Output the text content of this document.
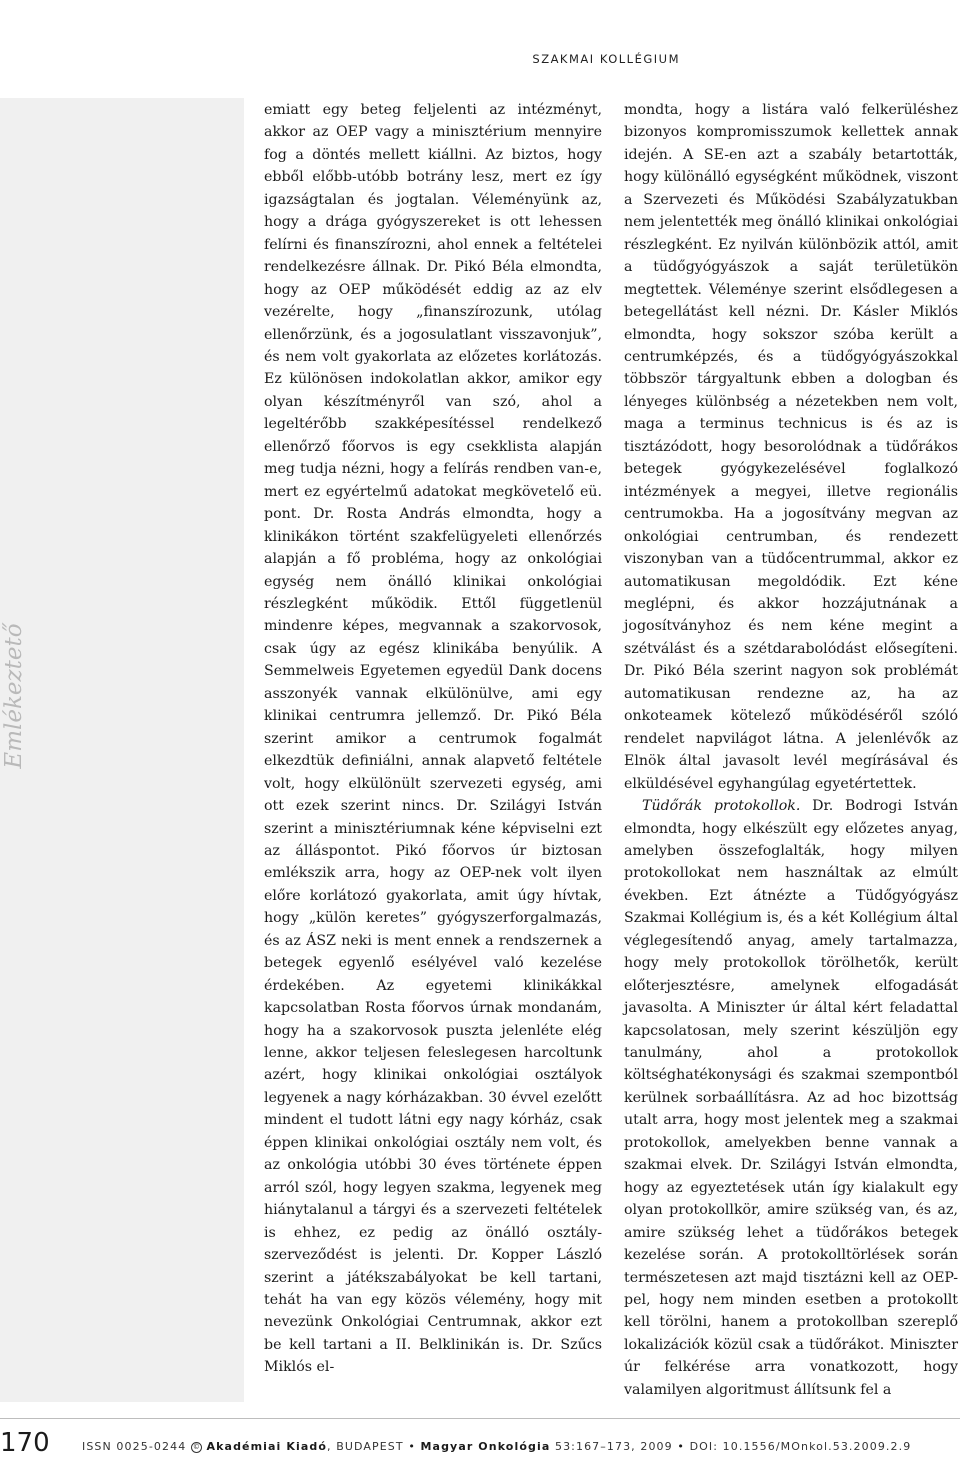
SZAKMAI KOLLÉGIUM
Emlékeztető

emiatt egy beteg feljelenti az intézményt, akkor az OEP vagy a minisztérium mennyire fog a döntés mellett kiállni. Az biztos, hogy ebből előbb-utóbb botrány lesz, mert ez így igazságtalan és jogtalan. Véleményünk az, hogy a drága gyógyszereket is ott lehessen felírni és finanszírozni, ahol ennek a feltételei rendelkezésre állnak. Dr. Pikó Béla elmondta, hogy az OEP működését eddig az az elv vezérelte, hogy „finanszírozunk, utólag ellenőrzünk, és a jogosulatlant visszavonjuk”, és nem volt gyakorlata az előzetes korlátozás. Ez különösen indokolatlan akkor, amikor egy olyan készítményről van szó, ahol a legeltérőbb szakképesítéssel rendelkező ellenőrző főorvos is egy csekklista alapján meg tudja nézni, hogy a felírás rendben van-e, mert ez egyértelmű adatokat megkövetelő eü. pont. Dr. Rosta András elmondta, hogy a klinikákon történt szakfelügyeleti ellenőrzés alapján a fő probléma, hogy az onkológiai egység nem önálló klinikai onkológiai részlegként működik. Ettől függetlenül mindenre képes, megvannak a szakorvosok, csak úgy az egész klinikába benyúlik. A Semmelweis Egyetemen egyedül Dank docens asszonyék vannak elkülönülve, ami egy klinikai centrumra jellemző. Dr. Pikó Béla szerint amikor a centrumok fogalmát elkezdtük definiálni, annak alapvető feltétele volt, hogy elkülönült szervezeti egység, ami ott ezek szerint nincs. Dr. Szilágyi István szerint a minisztériumnak kéne képviselni ezt az álláspontot. Pikó főorvos úr biztosan emlékszik arra, hogy az OEP-nek volt ilyen előre korlátozó gyakorlata, amit úgy hívtak, hogy „külön keretes” gyógyszerforgalmazás, és az ÁSZ neki is ment ennek a rendszernek a betegek egyenlő esélyével való kezelése érdekében. Az egyetemi klinikákkal kapcsolatban Rosta főorvos úrnak mondanám, hogy ha a szakorvosok puszta jelenléte elég lenne, akkor teljesen feleslegesen harcoltunk azért, hogy klinikai onkológiai osztályok legyenek a nagy kórházakban. 30 évvel ezelőtt mindent el tudott látni egy nagy kórház, csak éppen klinikai onkológiai osztály nem volt, és az onkológia utóbbi 30 éves története éppen arról szól, hogy legyen szakma, legyenek meg hiánytalanul a tárgyi és a szervezeti feltételek is ehhez, ez pedig az önálló osztály-szerveződést is jelenti. Dr. Kopper László szerint a játékszabályokat be kell tartani, tehát ha van egy közös vélemény, hogy mit nevezünk Onkológiai Centrumnak, akkor ezt be kell tartani a II. Belklinikán is. Dr. Szűcs Miklós el-

mondta, hogy a listára való felkerüléshez bizonyos kompromisszumok kellettek annak idején. A SE-en azt a szabály betartották, hogy különálló egységként működnek, viszont a Szervezeti és Működési Szabályzatukban nem jelentették meg önálló klinikai onkológiai részlegként. Ez nyilván különbözik attól, amit a tüdőgyógyászok a saját területükön megtettek. Véleménye szerint elsődlegesen a betegellátást kell nézni. Dr. Kásler Miklós elmondta, hogy sokszor szóba került a centrumképzés, és a tüdőgyógyászokkal többször tárgyaltunk ebben a dologban és lényeges különbség a nézetekben nem volt, maga a terminus technicus is és az is tisztázódott, hogy besorolódnak a tüdőrákos betegek gyógykezelésével foglalkozó intézmények a megyei, illetve regionális centrumokba. Ha a jogosítvány megvan az onkológiai centrumban, és rendezett viszonyban van a tüdőcentrummal, akkor ez automatikusan megoldódik. Ezt kéne meglépni, és akkor hozzájutnának a jogosítványhoz és nem kéne megint a szétválást és a szétdarabolódást elősegíteni. Dr. Pikó Béla szerint nagyon sok problémát automatikusan rendezne az, ha az onkoteamek kötelező működéséről szóló rendelet napvilágot látna. A jelenlévők az Elnök által javasolt levél megírásával és elküldésével egyhangúlag egyetértettek.

Tüdőrák protokollok. Dr. Bodrogi István elmondta, hogy elkészült egy előzetes anyag, amelyben összefoglalták, hogy milyen protokollokat nem használtak az elmúlt években. Ezt átnézte a Tüdőgyógyász Szakmai Kollégium is, és a két Kollégium által véglegesítendő anyag, amely tartalmazza, hogy mely protokollok törölhetők, került előterjesztésre, amelynek elfogadását javasolta. A Miniszter úr által kért feladattal kapcsolatosan, mely szerint készüljön egy tanulmány, ahol a protokollok költséghatékonysági és szakmai szempontból kerülnek sorbaállításra. Az ad hoc bizottság utalt arra, hogy most jelentek meg a szakmai protokollok, amelyekben benne vannak a szakmai elvek. Dr. Szilágyi István elmondta, hogy az egyeztetések után így kialakult egy olyan protokollkör, amire szükség van, és az, amire szükség lehet a tüdőrákos betegek kezelése során. A protokolltörlések során természetesen azt majd tisztázni kell az OEP-pel, hogy nem minden esetben a protokollt kell törölni, hanem a protokollban szereplő lokalizációk közül csak a tüdőrákot. Miniszter úr felkérése arra vonatkozott, hogy valamilyen algoritmust állítsunk fel a

170	ISSN 0025-0244 © Akadémiai Kiadó, BUDAPEST • Magyar Onkológia 53:167–173, 2009 • DOI: 10.1556/MOnkol.53.2009.2.9
